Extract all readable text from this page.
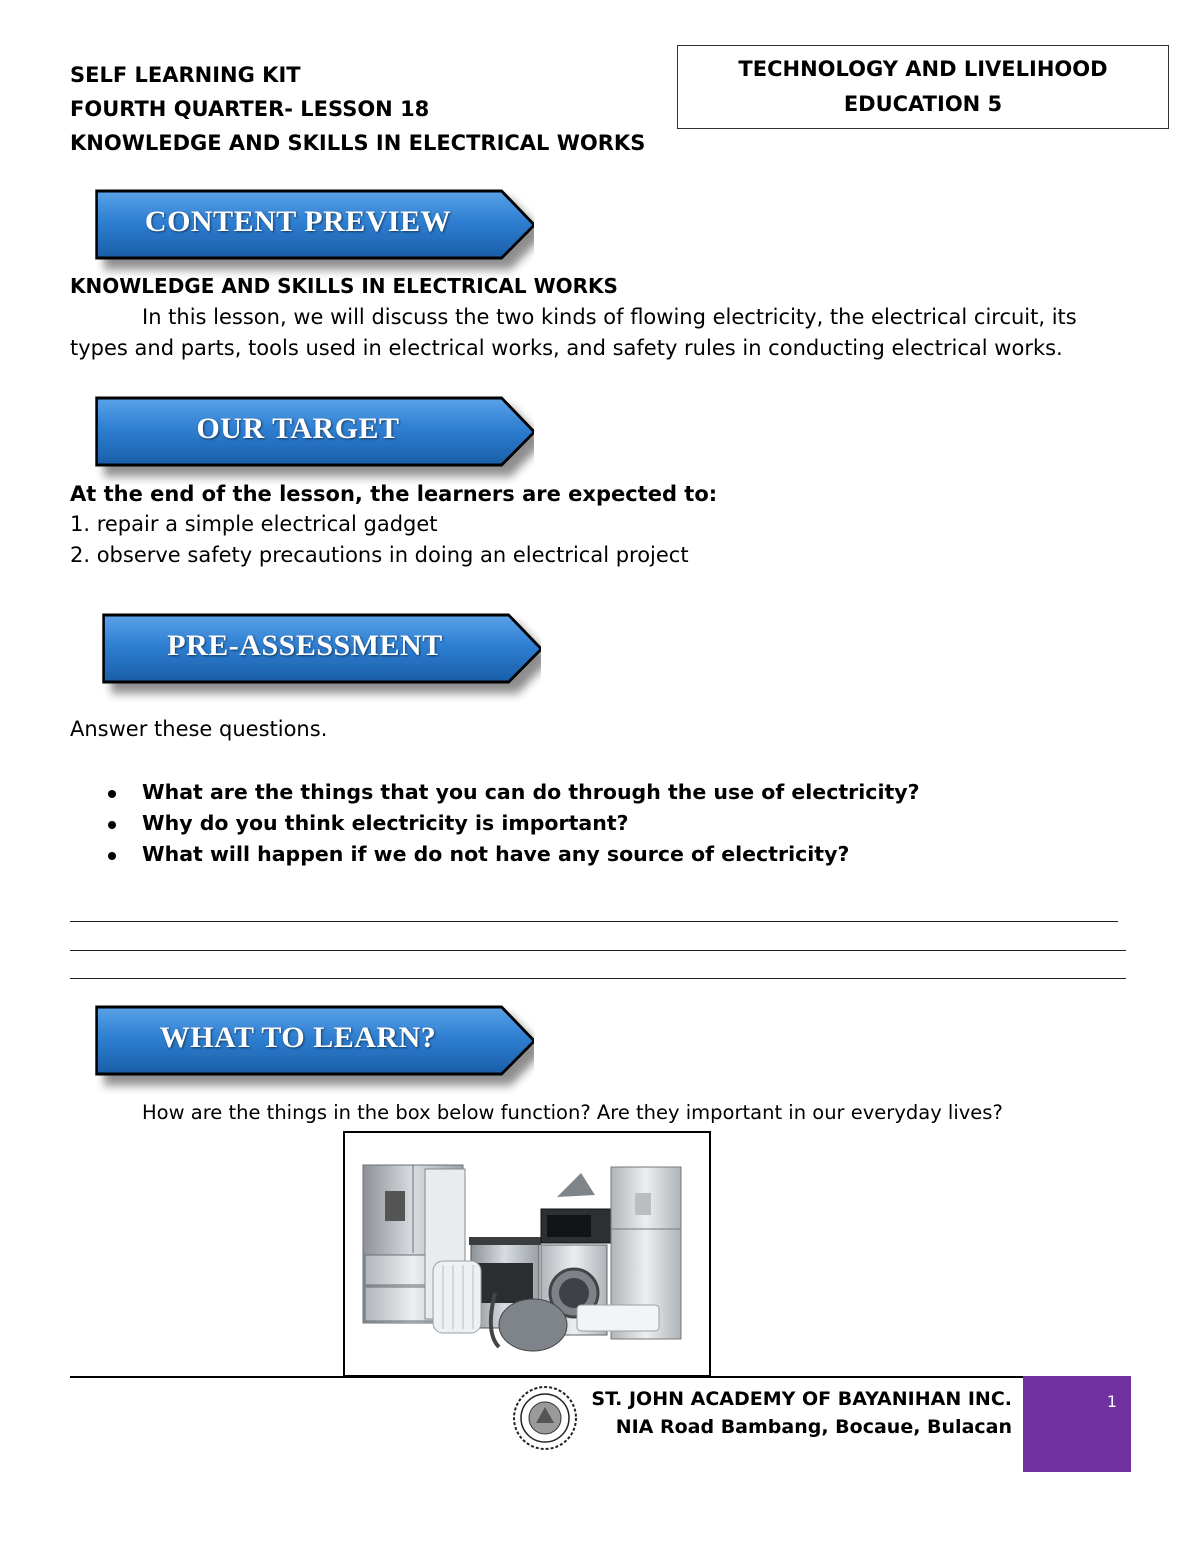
SELF LEARNING KIT
FOURTH QUARTER- LESSON 18
KNOWLEDGE AND SKILLS IN ELECTRICAL WORKS
TECHNOLOGY AND LIVELIHOOD
EDUCATION 5
CONTENT PREVIEW
KNOWLEDGE AND SKILLS IN ELECTRICAL WORKS
In this lesson, we will discuss the two kinds of flowing electricity, the electrical circuit, its
types and parts, tools used in electrical works, and safety rules in conducting electrical works.
OUR TARGET
At the end of the lesson, the learners are expected to:
1. repair a simple electrical gadget
2. observe safety precautions in doing an electrical project
PRE-ASSESSMENT
Answer these questions.
What are the things that you can do through the use of electricity?
Why do you think electricity is important?
What will happen if we do not have any source of electricity?
WHAT TO LEARN?
How are the things in the box below function? Are they important in our everyday lives?
ST. JOHN ACADEMY OF BAYANIHAN INC.
NIA Road Bambang, Bocaue, Bulacan
1
